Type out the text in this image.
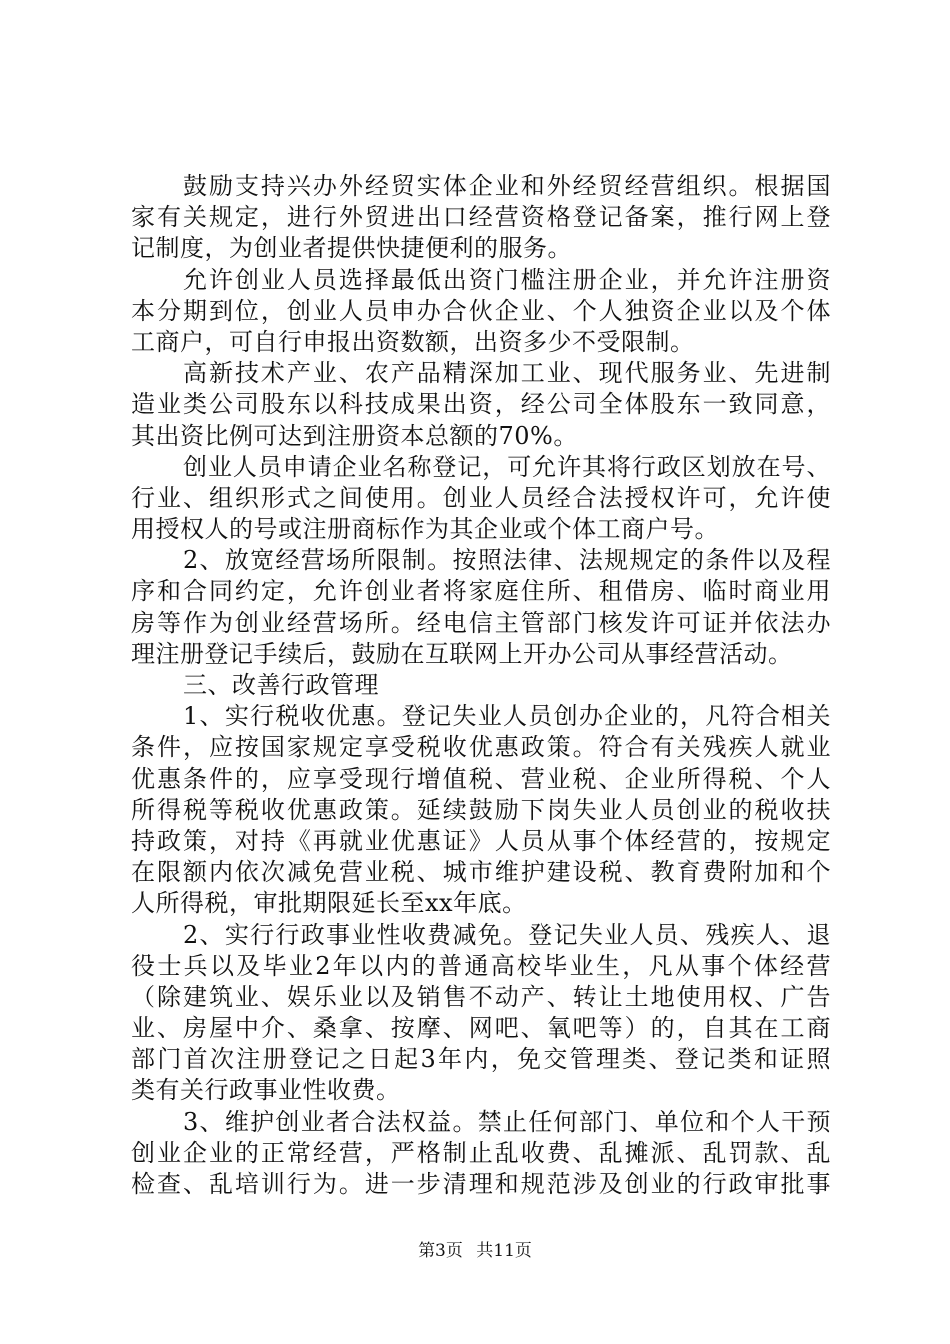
鼓励支持兴办外经贸实体企业和外经贸经营组织。根据国
家有关规定，进行外贸进出口经营资格登记备案，推行网上登
记制度，为创业者提供快捷便利的服务。
允许创业人员选择最低出资门槛注册企业，并允许注册资
本分期到位，创业人员申办合伙企业、个人独资企业以及个体
工商户，可自行申报出资数额，出资多少不受限制。
高新技术产业、农产品精深加工业、现代服务业、先进制
造业类公司股东以科技成果出资，经公司全体股东一致同意，
其出资比例可达到注册资本总额的70%。
创业人员申请企业名称登记，可允许其将行政区划放在号、
行业、组织形式之间使用。创业人员经合法授权许可，允许使
用授权人的号或注册商标作为其企业或个体工商户号。
2、放宽经营场所限制。按照法律、法规规定的条件以及程
序和合同约定，允许创业者将家庭住所、租借房、临时商业用
房等作为创业经营场所。经电信主管部门核发许可证并依法办
理注册登记手续后，鼓励在互联网上开办公司从事经营活动。
三、改善行政管理
1、实行税收优惠。登记失业人员创办企业的，凡符合相关
条件，应按国家规定享受税收优惠政策。符合有关残疾人就业
优惠条件的，应享受现行增值税、营业税、企业所得税、个人
所得税等税收优惠政策。延续鼓励下岗失业人员创业的税收扶
持政策，对持《再就业优惠证》人员从事个体经营的，按规定
在限额内依次减免营业税、城市维护建设税、教育费附加和个
人所得税，审批期限延长至xx年底。
2、实行行政事业性收费减免。登记失业人员、残疾人、退
役士兵以及毕业2年以内的普通高校毕业生，凡从事个体经营
（除建筑业、娱乐业以及销售不动产、转让土地使用权、广告
业、房屋中介、桑拿、按摩、网吧、氧吧等）的，自其在工商
部门首次注册登记之日起3年内，免交管理类、登记类和证照
类有关行政事业性收费。
3、维护创业者合法权益。禁止任何部门、单位和个人干预
创业企业的正常经营，严格制止乱收费、乱摊派、乱罚款、乱
检查、乱培训行为。进一步清理和规范涉及创业的行政审批事
第3页 共11页
